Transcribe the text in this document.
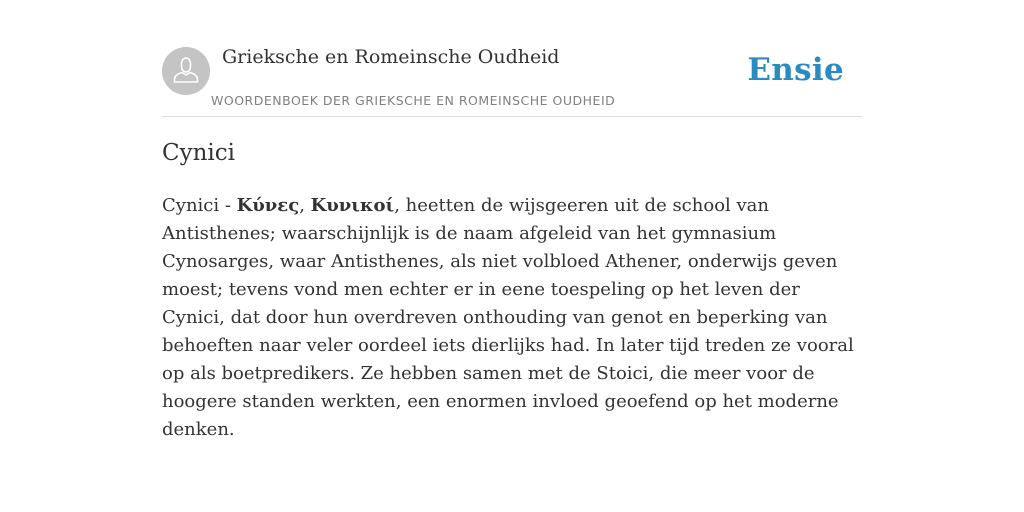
Grieksche en Romeinsche Oudheid
WOORDENBOEK DER GRIEKSCHE EN ROMEINSCHE OUDHEID
Ensie
Cynici

Cynici - Κύνες, Κυνικοί, heetten de wijsgeeren uit de school van Antisthenes; waarschijnlijk is de naam afgeleid van het gymnasium Cynosarges, waar Antisthenes, als niet volbloed Athener, onderwijs geven moest; tevens vond men echter er in eene toespeling op het leven der Cynici, dat door hun overdreven onthouding van genot en beperking van behoeften naar veler oordeel iets dierlijks had. In later tijd treden ze vooral op als boetpredikers. Ze hebben samen met de Stoici, die meer voor de hoogere standen werkten, een enormen invloed geoefend op het moderne denken.
